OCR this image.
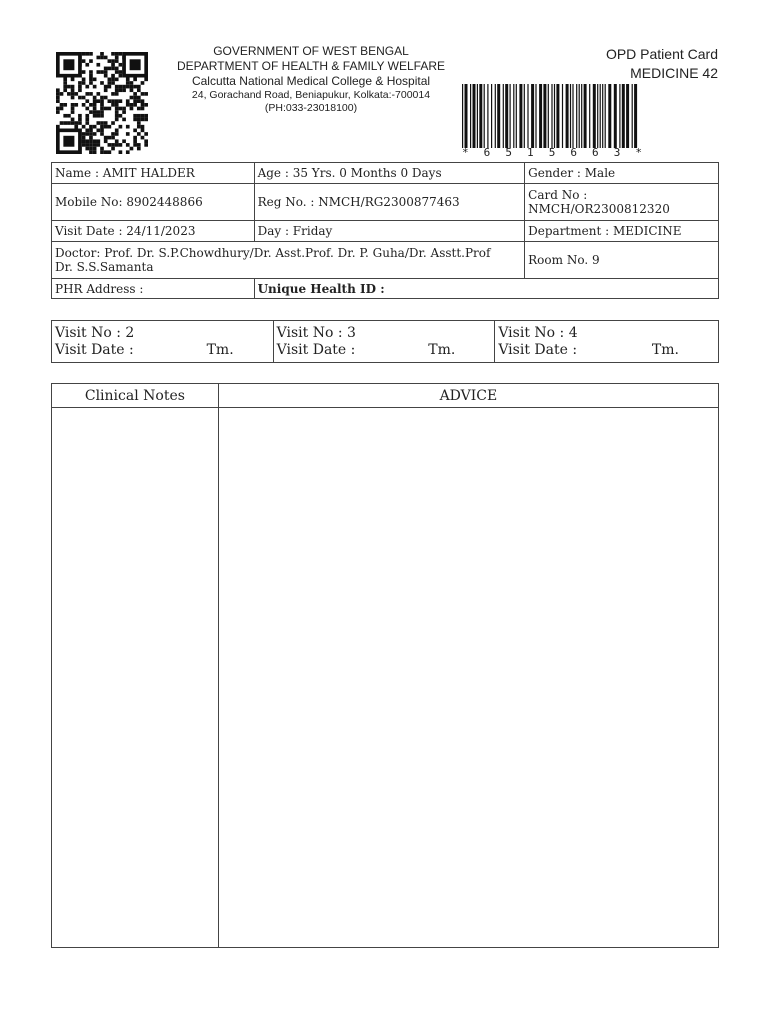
GOVERNMENT OF WEST BENGAL
DEPARTMENT OF HEALTH & FAMILY WELFARE
Calcutta National Medical College & Hospital
24, Gorachand Road, Beniapukur, Kolkata:-700014
(PH:033-23018100)
OPD Patient Card
MEDICINE 42
* 6 5 1 5 6 6 3 *
Name : AMIT HALDER	Age : 35 Yrs. 0 Months 0 Days	Gender : Male
Mobile No: 8902448866	Reg No. : NMCH/RG2300877463	Card No :
NMCH/OR2300812320

Visit Date : 24/11/2023	Day : Friday	Department : MEDICINE

Doctor: Prof. Dr. S.P.Chowdhury/Dr. Asst.Prof. Dr. P. Guha/Dr. Asstt.Prof
Dr. S.S.Samanta		Room No. 9
PHR Address :	Unique Health ID :	
Visit No : 2
Visit Date :	Tm.

Visit No : 3
Visit Date :	Tm.

Visit No : 4
Visit Date :	Tm.
Clinical Notes	ADVICE
